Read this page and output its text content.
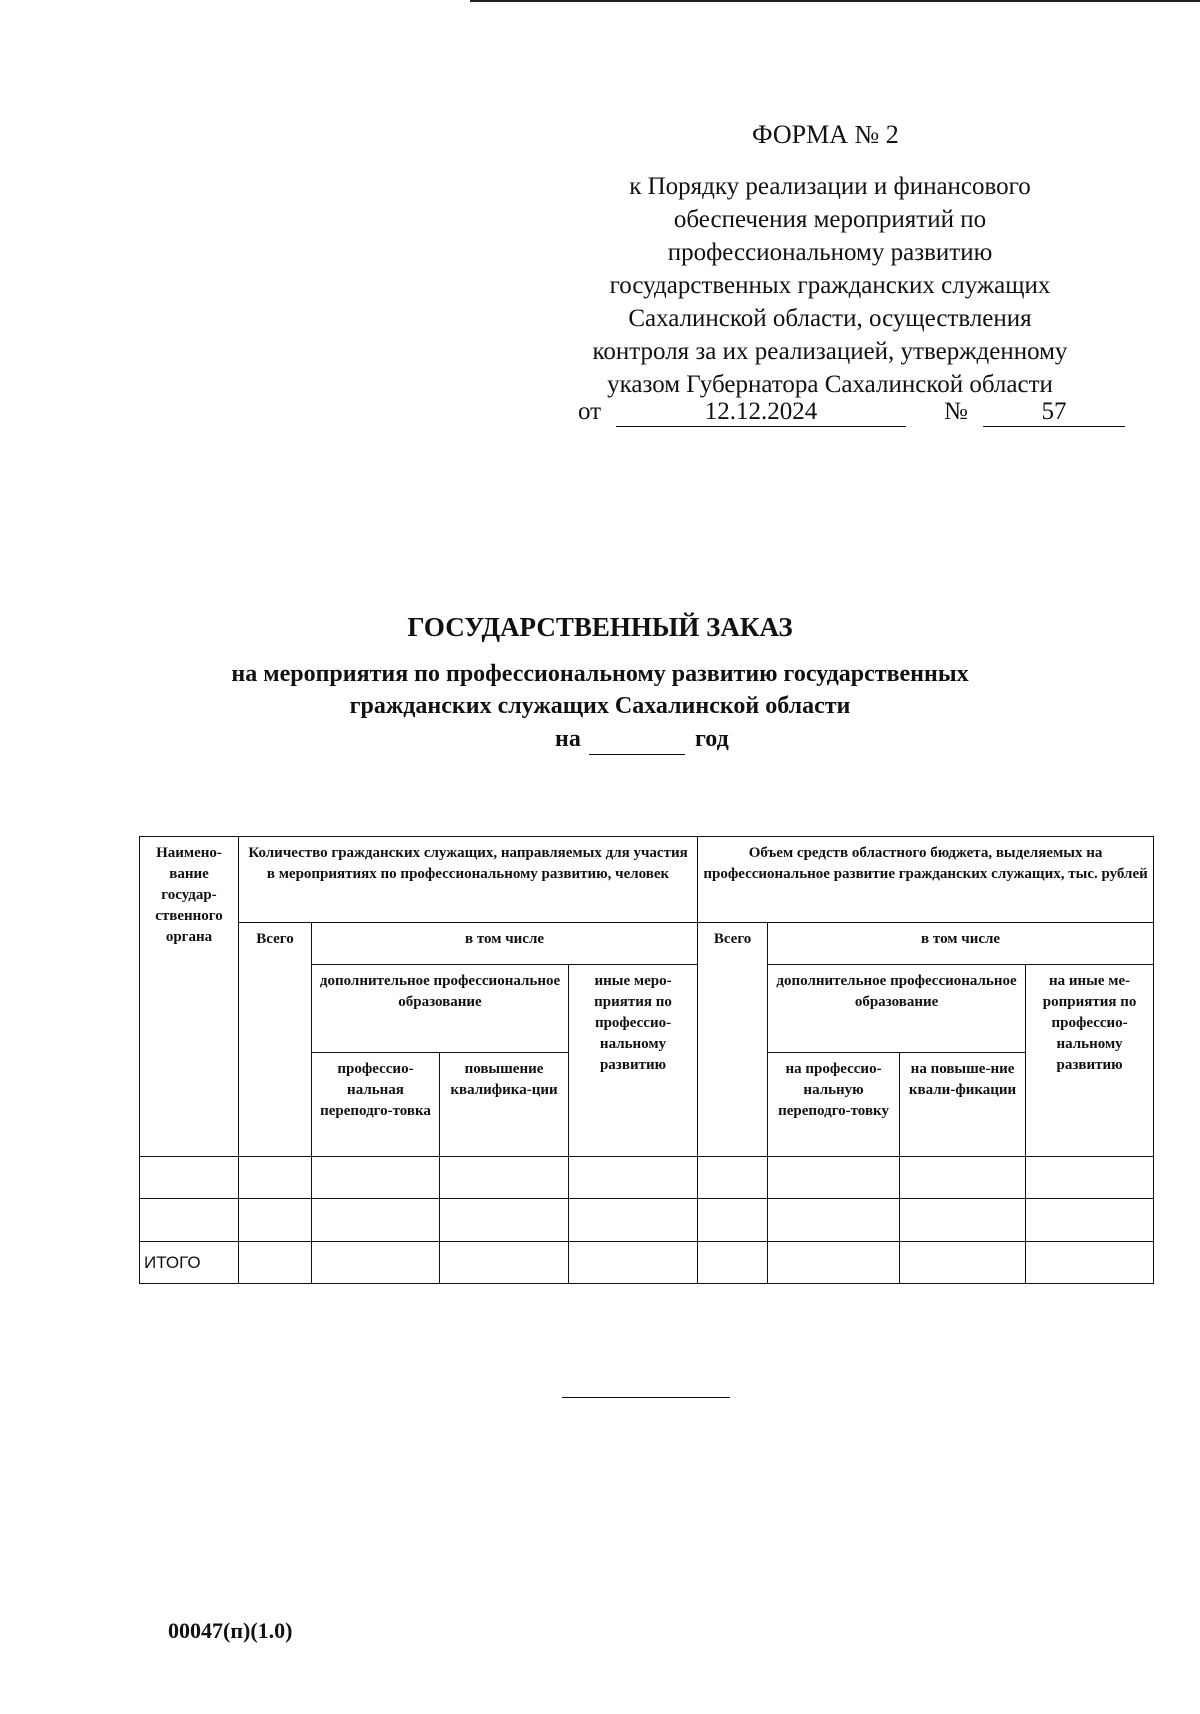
ФОРМА № 2
к Порядку реализации и финансового
обеспечения мероприятий по
профессиональному развитию
государственных гражданских служащих
Сахалинской области, осуществления
контроля за их реализацией, утвержденному
указом Губернатора Сахалинской области
от	12.12.2024	№	57
ГОСУДАРСТВЕННЫЙ ЗАКАЗ
на мероприятия по профессиональному развитию государственных
гражданских служащих Сахалинской области
на	год
Наимено-вание государ-ственного органа	Количество гражданских служащих, направляемых для участия в мероприятиях по профессиональному развитию, человек				Объем средств областного бюджета, выделяемых на профессиональное развитие гражданских служащих, тыс. рублей			
	Всего	в том числе			Всего	в том числе		
		дополнительное профессиональное образование		иные меро-приятия по профессио-нальному развитию		дополнительное профессиональное образование		на иные ме-роприятия по профессио-нальному развитию
		профессио-нальная переподго-товка	повышение квалифика-ции			на профессио-нальную переподго-товку	на повыше-ние квали-фикации	

ИТОГО								
00047(п)(1.0)
